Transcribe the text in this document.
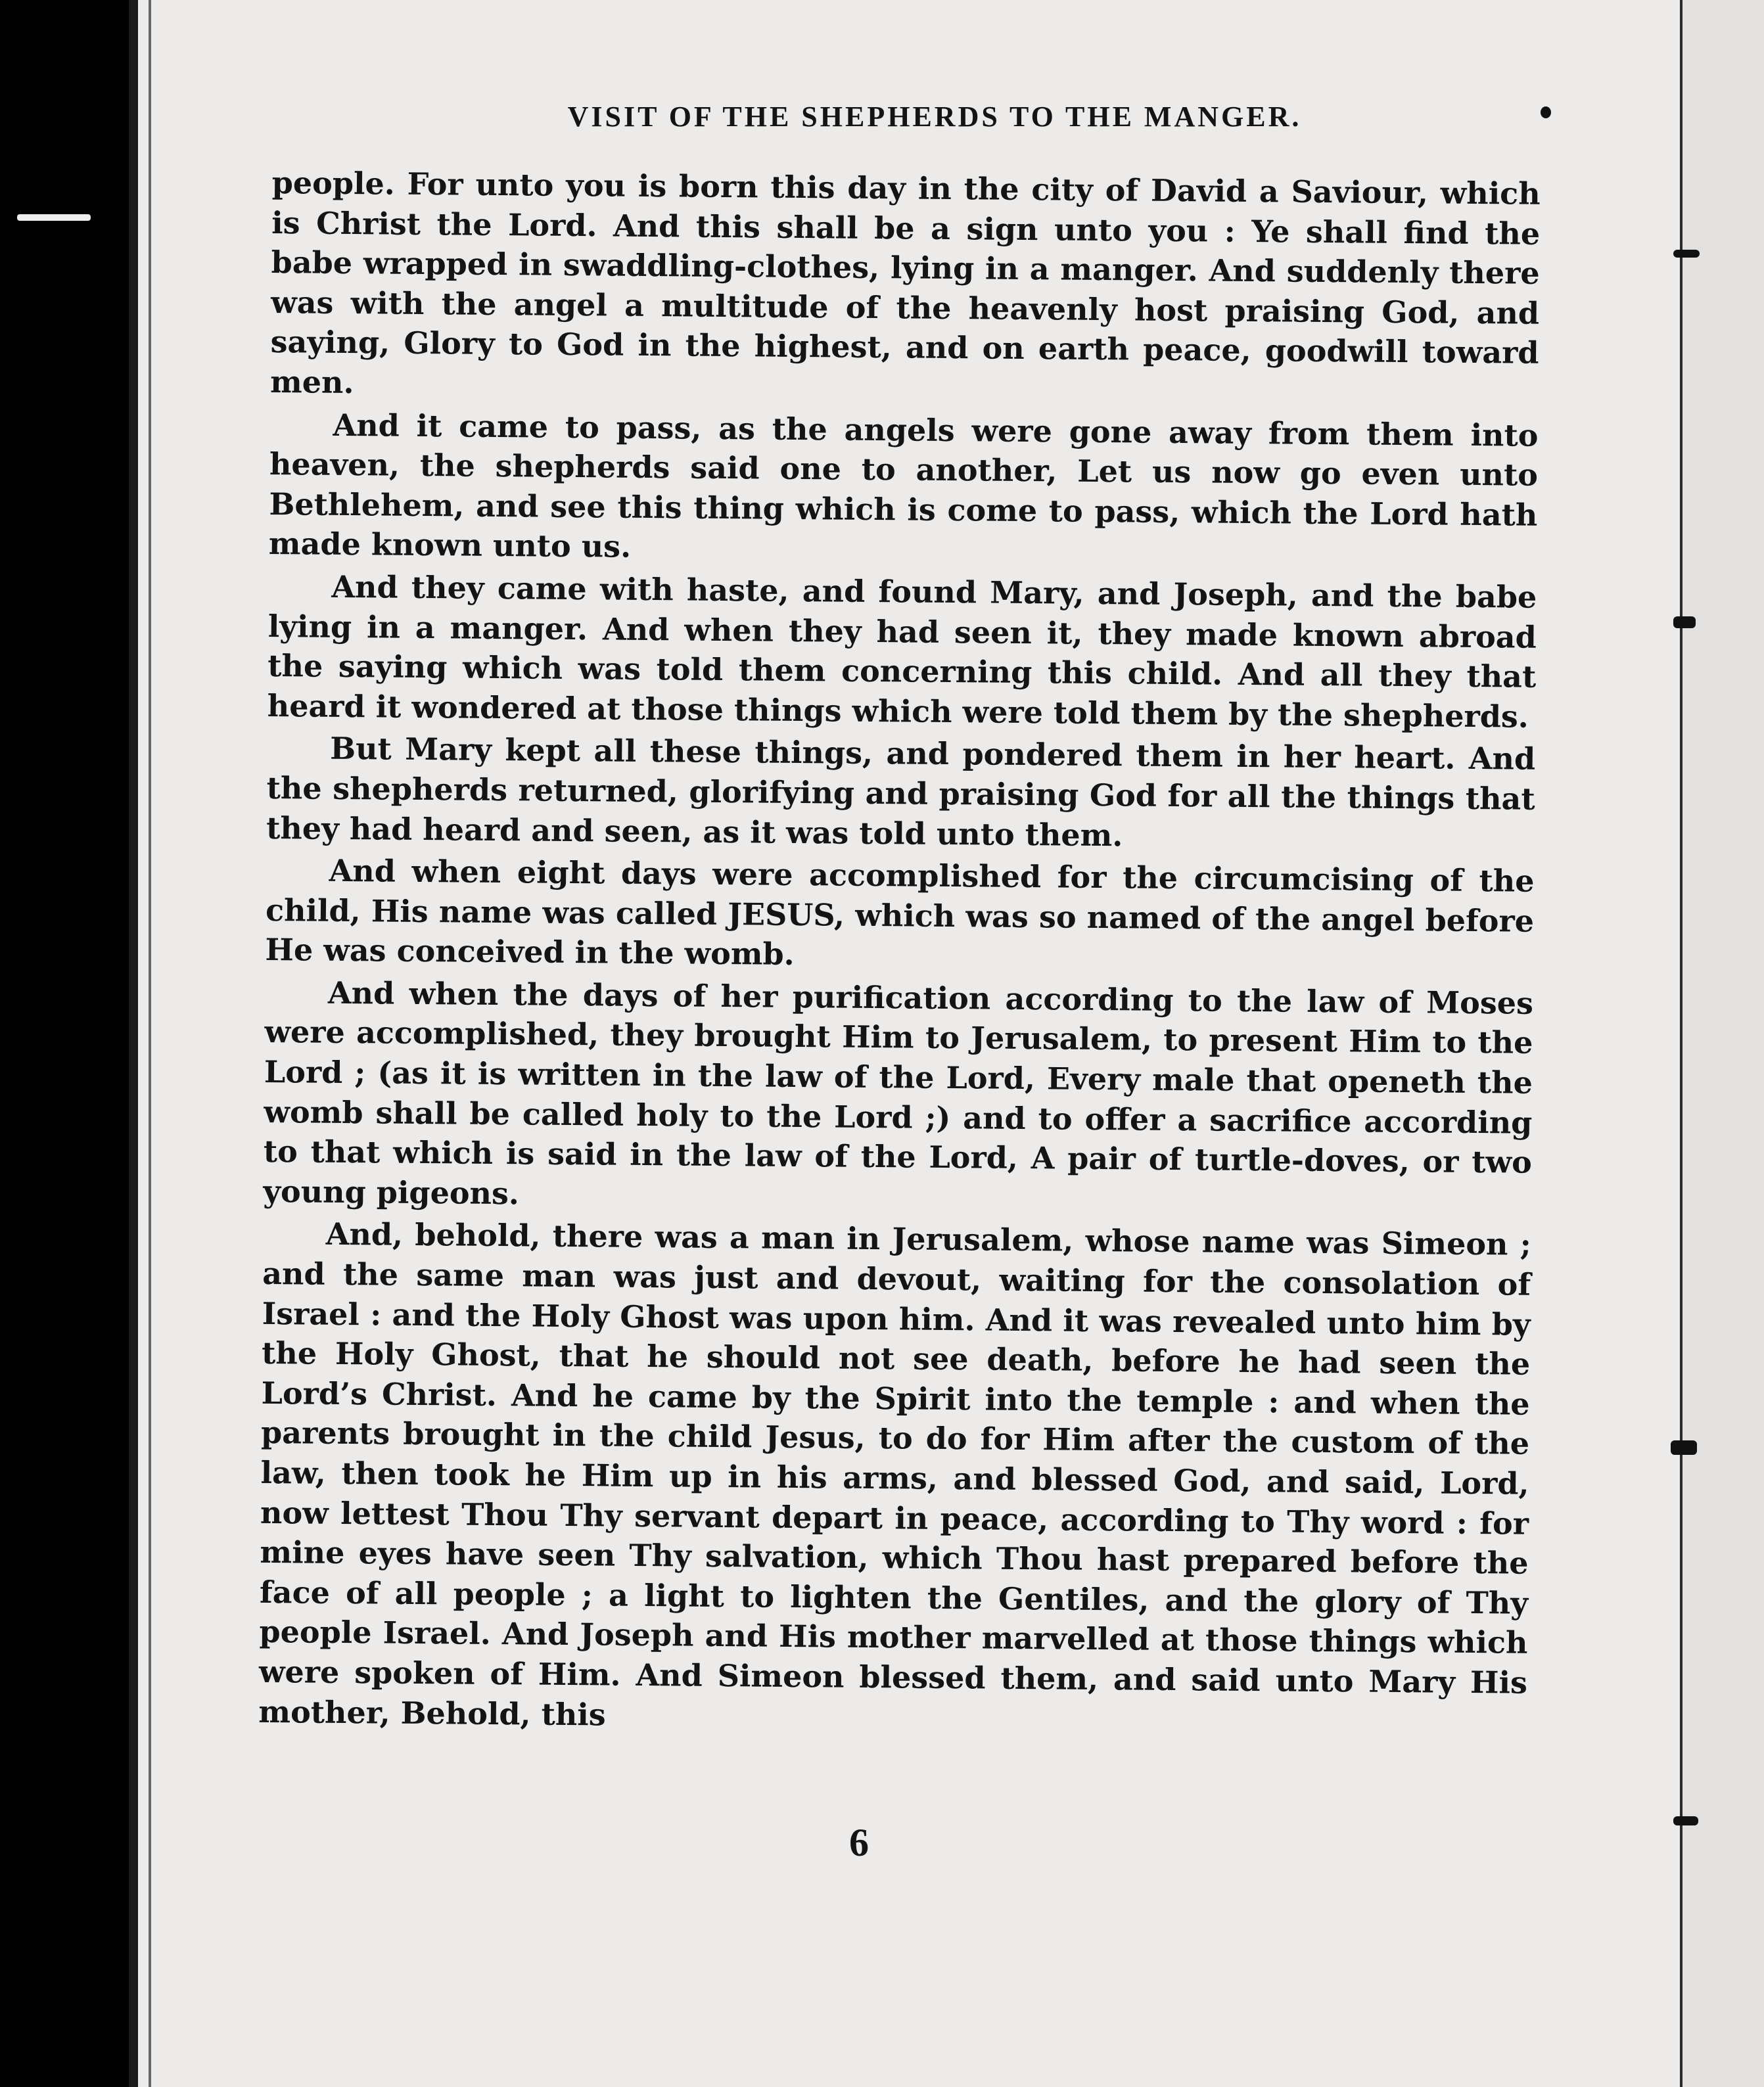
VISIT OF THE SHEPHERDS TO THE MANGER.

people. For unto you is born this day in the city of David a Saviour, which is Christ the Lord. And this shall be a sign unto you : Ye shall find the babe wrapped in swaddling-clothes, lying in a manger. And suddenly there was with the angel a multitude of the heavenly host praising God, and saying, Glory to God in the highest, and on earth peace, goodwill toward men.

And it came to pass, as the angels were gone away from them into heaven, the shepherds said one to another, Let us now go even unto Bethlehem, and see this thing which is come to pass, which the Lord hath made known unto us.

And they came with haste, and found Mary, and Joseph, and the babe lying in a manger. And when they had seen it, they made known abroad the saying which was told them concerning this child. And all they that heard it wondered at those things which were told them by the shepherds.

But Mary kept all these things, and pondered them in her heart. And the shepherds returned, glorifying and praising God for all the things that they had heard and seen, as it was told unto them.

And when eight days were accomplished for the circumcising of the child, His name was called JESUS, which was so named of the angel before He was conceived in the womb.

And when the days of her purification according to the law of Moses were accomplished, they brought Him to Jerusalem, to present Him to the Lord ; (as it is written in the law of the Lord, Every male that openeth the womb shall be called holy to the Lord ;) and to offer a sacrifice according to that which is said in the law of the Lord, A pair of turtle-doves, or two young pigeons.

And, behold, there was a man in Jerusalem, whose name was Simeon ; and the same man was just and devout, waiting for the consolation of Israel : and the Holy Ghost was upon him. And it was revealed unto him by the Holy Ghost, that he should not see death, before he had seen the Lord’s Christ. And he came by the Spirit into the temple : and when the parents brought in the child Jesus, to do for Him after the custom of the law, then took he Him up in his arms, and blessed God, and said, Lord, now lettest Thou Thy servant depart in peace, according to Thy word : for mine eyes have seen Thy salvation, which Thou hast prepared before the face of all people ; a light to lighten the Gentiles, and the glory of Thy people Israel. And Joseph and His mother marvelled at those things which were spoken of Him. And Simeon blessed them, and said unto Mary His mother, Behold, this

6
